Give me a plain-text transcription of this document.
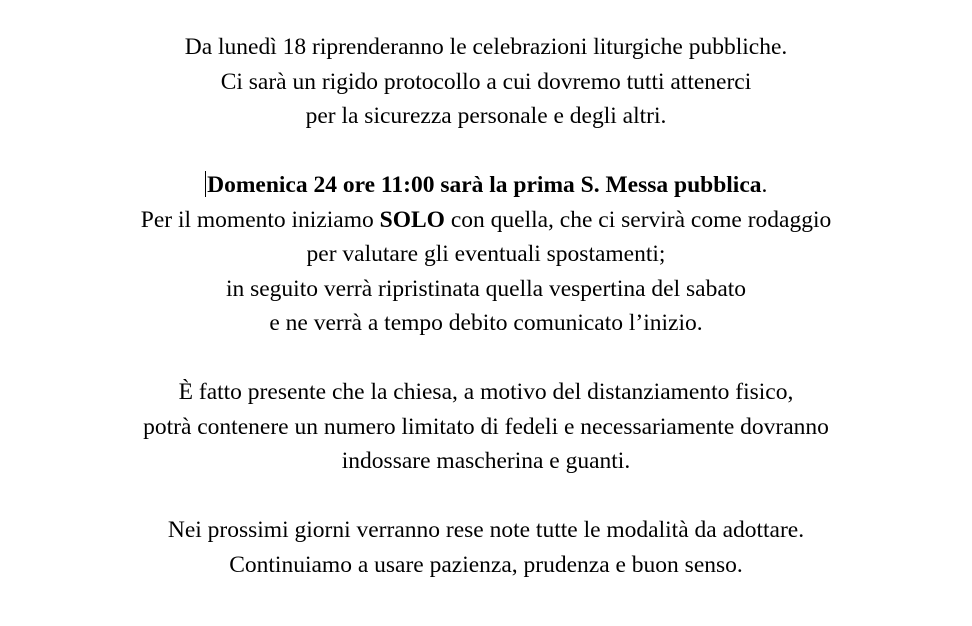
Da lunedì 18 riprenderanno le celebrazioni liturgiche pubbliche.
Ci sarà un rigido protocollo a cui dovremo tutti attenerci
per la sicurezza personale e degli altri.
Domenica 24 ore 11:00 sarà la prima S. Messa pubblica.
Per il momento iniziamo SOLO con quella, che ci servirà come rodaggio
per valutare gli eventuali spostamenti;
in seguito verrà ripristinata quella vespertina del sabato
e ne verrà a tempo debito comunicato l’inizio.
È fatto presente che la chiesa, a motivo del distanziamento fisico,
potrà contenere un numero limitato di fedeli e necessariamente dovranno
indossare mascherina e guanti.
Nei prossimi giorni verranno rese note tutte le modalità da adottare.
Continuiamo a usare pazienza, prudenza e buon senso.
